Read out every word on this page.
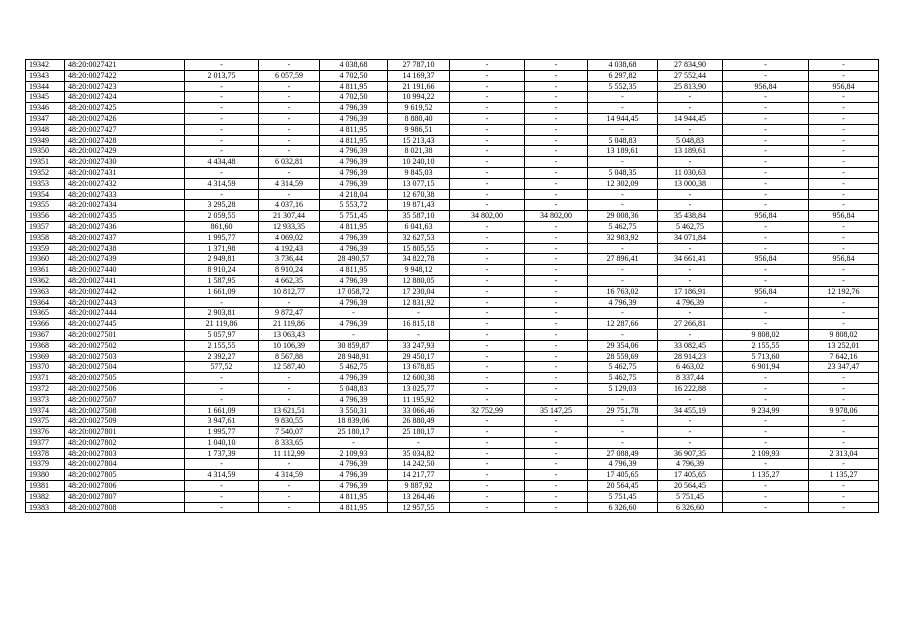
19342	48:20:0027421	-	-	4 038,68	27 787,10	-	-	4 038,68	27 834,90	-	-
19343	48:20:0027422	2 013,75	6 057,59	4 702,50	14 169,37	-	-	6 297,82	27 552,44	-	-
19344	48:20:0027423	-	-	4 811,95	21 191,66	-	-	5 552,35	25 813,90	956,84	956,84
19345	48:20:0027424	-	-	4 702,50	10 994,22	-	-	-	-	-	-
19346	48:20:0027425	-	-	4 796,39	9 619,52	-	-	-	-	-	-
19347	48:20:0027426	-	-	4 796,39	8 880,40	-	-	14 944,45	14 944,45	-	-
19348	48:20:0027427	-	-	4 811,95	9 986,51	-	-	-	-	-	-
19349	48:20:0027428	-	-	4 811,95	15 213,43	-	-	5 048,83	5 048,83	-	-
19350	48:20:0027429	-	-	4 796,39	8 021,38	-	-	13 189,61	13 189,61	-	-
19351	48:20:0027430	4 434,48	6 032,81	4 796,39	10 240,10	-	-	-	-	-	-
19352	48:20:0027431	-	-	4 796,39	9 845,03	-	-	5 048,35	11 030,63	-	-
19353	48:20:0027432	4 314,59	4 314,59	4 796,39	13 077,15	-	-	12 302,09	13 000,38	-	-
19354	48:20:0027433	-	-	4 218,04	12 670,38	-	-	-	-	-	-
19355	48:20:0027434	3 295,28	4 037,16	5 553,72	19 871,43	-	-	-	-	-	-
19356	48:20:0027435	2 059,55	21 307,44	5 751,45	35 587,10	34 802,00	34 802,00	29 008,36	35 438,84	956,84	956,84
19357	48:20:0027436	861,60	12 933,35	4 811,95	6 041,63	-	-	5 462,75	5 462,75	-	-
19358	48:20:0027437	1 995,77	4 069,02	4 796,39	32 627,53	-	-	32 983,92	34 071,84	-	-
19359	48:20:0027438	1 371,98	4 192,43	4 796,39	15 805,55	-	-	-	-	-	-
19360	48:20:0027439	2 949,81	3 736,44	28 490,57	34 822,78	-	-	27 896,41	34 661,41	956,84	956,84
19361	48:20:0027440	8 910,24	8 910,24	4 811,95	9 948,12	-	-	-	-	-	-
19362	48:20:0027441	1 587,95	4 662,35	4 796,39	12 880,05	-	-	-	-	-	-
19363	48:20:0027442	1 661,09	10 812,77	17 058,72	17 230,04	-	-	16 763,02	17 186,91	956,84	12 192,76
19364	48:20:0027443	-	-	4 796,39	12 831,92	-	-	4 796,39	4 796,39	-	-
19365	48:20:0027444	2 903,81	9 872,47	-	-	-	-	-	-	-	-
19366	48:20:0027445	21 119,86	21 119,86	4 796,39	16 815,18	-	-	12 287,66	27 266,81	-	-
19367	48:20:0027501	5 057,97	13 063,43	-	-	-	-	-	-	9 808,02	9 808,02
19368	48:20:0027502	2 155,55	10 106,39	30 859,87	33 247,93	-	-	29 354,06	33 082,45	2 155,55	13 252,01
19369	48:20:0027503	2 392,27	8 567,88	28 948,91	29 450,17	-	-	28 559,69	28 914,23	5 713,60	7 642,16
19370	48:20:0027504	577,52	12 587,40	5 462,75	13 678,85	-	-	5 462,75	6 463,02	6 901,94	23 347,47
19371	48:20:0027505	-	-	4 796,39	12 600,38	-	-	5 462,75	8 337,44	-	-
19372	48:20:0027506	-	-	5 048,83	13 025,77	-	-	5 129,03	16 222,88	-	-
19373	48:20:0027507	-	-	4 796,39	11 195,92	-	-	-	-	-	-
19374	48:20:0027508	1 661,09	13 621,51	3 550,31	33 066,46	32 752,99	35 147,25	29 751,78	34 455,19	9 234,99	9 978,06
19375	48:20:0027509	3 947,61	9 830,55	18 839,06	26 880,49	-	-	-	-	-	-
19376	48:20:0027801	1 995,77	7 540,07	25 180,17	25 180,17	-	-	-	-	-	-
19377	48:20:0027802	1 040,10	8 333,65	-	-	-	-	-	-	-	-
19378	48:20:0027803	1 737,39	11 112,99	2 109,93	35 034,82	-	-	27 088,49	36 907,35	2 109,93	2 313,04
19379	48:20:0027804	-	-	4 796,39	14 242,50	-	-	4 796,39	4 796,39	-	-
19380	48:20:0027805	4 314,59	4 314,59	4 796,39	14 217,77	-	-	17 405,65	17 405,65	1 135,27	1 135,27
19381	48:20:0027806	-	-	4 796,39	9 887,92	-	-	20 564,45	20 564,45	-	-
19382	48:20:0027807	-	-	4 811,95	13 264,46	-	-	5 751,45	5 751,45	-	-
19383	48:20:0027808	-	-	4 811,95	12 957,55	-	-	6 326,60	6 326,60	-	-
